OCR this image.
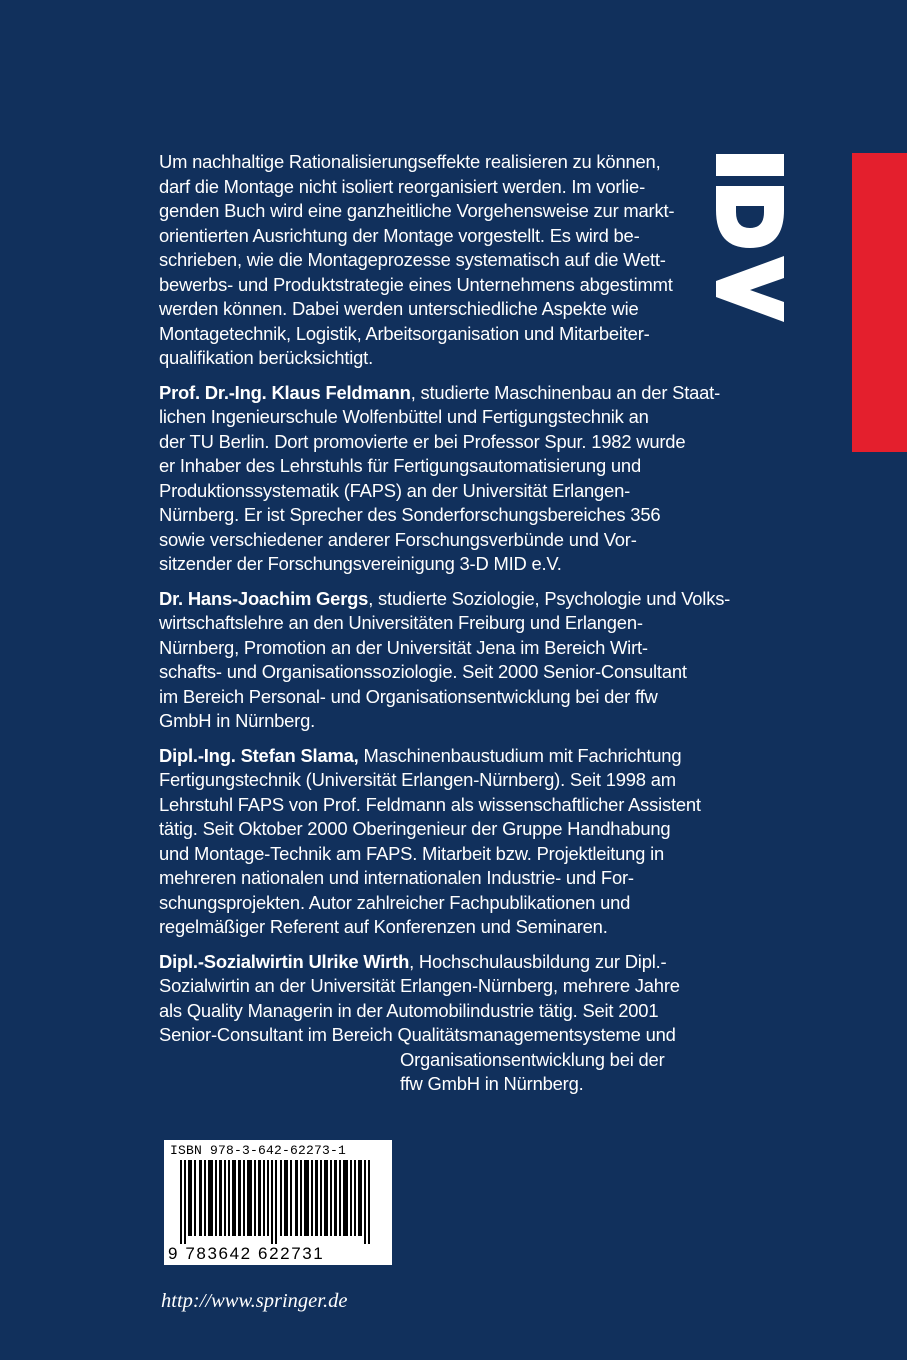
Um nachhaltige Rationalisierungseffekte realisieren zu können,
darf die Montage nicht isoliert reorganisiert werden. Im vorlie-
genden Buch wird eine ganzheitliche Vorgehensweise zur markt-
orientierten Ausrichtung der Montage vorgestellt. Es wird be-
schrieben, wie die Montageprozesse systematisch auf die Wett-
bewerbs- und Produktstrategie eines Unternehmens abgestimmt
werden können. Dabei werden unterschiedliche Aspekte wie
Montagetechnik, Logistik, Arbeitsorganisation und Mitarbeiter-
qualifikation berücksichtigt.

Prof. Dr.-Ing. Klaus Feldmann, studierte Maschinenbau an der Staat-
lichen Ingenieurschule Wolfenbüttel und Fertigungstechnik an
der TU Berlin. Dort promovierte er bei Professor Spur. 1982 wurde
er Inhaber des Lehrstuhls für Fertigungsautomatisierung und
Produktionssystematik (FAPS) an der Universität Erlangen-
Nürnberg. Er ist Sprecher des Sonderforschungsbereiches 356
sowie verschiedener anderer Forschungsverbünde und Vor-
sitzender der Forschungsvereinigung 3-D MID e.V.

Dr. Hans-Joachim Gergs, studierte Soziologie, Psychologie und Volks-
wirtschaftslehre an den Universitäten Freiburg und Erlangen-
Nürnberg, Promotion an der Universität Jena im Bereich Wirt-
schafts- und Organisationssoziologie. Seit 2000 Senior-Consultant
im Bereich Personal- und Organisationsentwicklung bei der ffw
GmbH in Nürnberg.

Dipl.-Ing. Stefan Slama, Maschinenbaustudium mit Fachrichtung
Fertigungstechnik (Universität Erlangen-Nürnberg). Seit 1998 am
Lehrstuhl FAPS von Prof. Feldmann als wissenschaftlicher Assistent
tätig. Seit Oktober 2000 Oberingenieur der Gruppe Handhabung
und Montage-Technik am FAPS. Mitarbeit bzw. Projektleitung in
mehreren nationalen und internationalen Industrie- und For-
schungsprojekten. Autor zahlreicher Fachpublikationen und
regelmäßiger Referent auf Konferenzen und Seminaren.

Dipl.-Sozialwirtin Ulrike Wirth, Hochschulausbildung zur Dipl.-
Sozialwirtin an der Universität Erlangen-Nürnberg, mehrere Jahre
als Quality Managerin in der Automobilindustrie tätig. Seit 2001
Senior-Consultant im Bereich Qualitätsmanagementsysteme und
Organisationsentwicklung bei der
ffw GmbH in Nürnberg.

ISBN 978-3-642-62273-1
9 783642 622731
http://www.springer.de
